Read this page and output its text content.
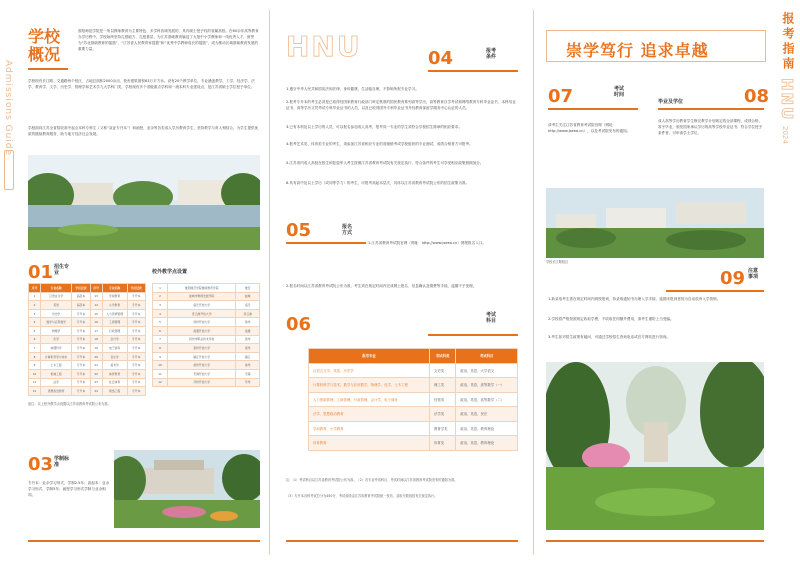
Admissions Guide
学校概况

淮阳师范学院是一所以教师教育为主要特色、多学科协调发展的、具有硕士授予权的省属高校。在60余年高等教育办学历程中，学校始终坚持扎根地方、扎根基层、为江苏基础教育输送了大批中小学教师和一线优秀人才，被誉为“苏北基础教育的摇篮”、“江苏省人民教育家摇篮”和“优秀中学教师成长的摇篮”，成为推动区域基础教育发展的重要力量。

学校现有长江路、交通路两个校区，占地总面积2000余亩，校舍建筑面积63万平方米。设有20个教学单位，专业涵盖教学、工学、经济学、法学、教育学、文学、历史学、管理学和艺术学九大学科门类，学校现有多个省级重点学科和一流本科专业建设点，是江苏省硕士学位授予单位。

学校面向江苏全省招收高中起点本科专科生（又称“双证专升本”）和函授、业余等各类成人学历教育学生，坚持教学与育人相结合，为学生提供优质的继续教育服务，助力地方经济社会发展。

01 招生专业	校外教学点设置
序号	专业名称	学历层次	序号	专业名称	学历层次
1	汉语言文学	高起本	13	学前教育	专升本
2	英语	高起本	14	小学教育	专升本
3	历史学	专升本	15	人力资源管理	专升本
4	数学与应用数学	专升本	16	工商管理	专升本
5	物理学	专升本	17	行政管理	专升本
6	化学	专升本	18	会计学	专升本
7	地理科学	专升本	19	电子商务	专升本
8	计算机科学与技术	专升本	20	音乐学	专升本
9	土木工程	专升本	21	美术学	专升本
10	机械工程	专升本	22	体育教育	专升本
11	法学	专升本	23	社会体育	专升本
12	思想政治教育	专升本	24	网络工程	专升本
1	淮阳师范学院继续教育学院	淮安
2	盐城市教师发展学院	盐城
3	宿迁开放大学	宿迁
4	连云港开放大学	连云港
5	徐州开放大学	徐州
6	南通开放大学	南通
7	扬州市职业技术学校	扬州
8	泰州开放大学	泰州
9	镇江开放大学	镇江
10	常州开放大学	常州
11	无锡开放大学	无锡
12	苏州开放大学	苏州
备注：以上校外教学点设置以江苏省教育考试院公布为准。
03 学制标准

专升本：业余学习形式，学制2.5年；高起本：业余学习形式，学制5年；函授学习形式学制与业余相同。

HNU	04	报考条件

1.遵守中华人民共和国宪法和法律，身体健康，生活能自理，不影响所报专业学习。

2.报考专升本的考生必须是已取得经国家教育行政部门审定核准的国民教育系列高等学历，高等教育自学考试和网络教育专科毕业证书、本科结业证书、高等学历文凭考试专科毕业证书的人员，以及已取得国外专科毕业证书并经教育部留学服务中心认证的人员。

3.已有本科及以上学历的人员，可以报名参加成人高考，报考同一专业的学生须符合学校招生简章的相应要求。

4.报考艺术类、体育类专业的考生，须参加江苏省相应专业的省级统考或学校组织的专业测试，成绩合格者方可报考。

5.江苏省内成人高校在校生和复退军人考生按照江苏省教育考试院有关规定执行，符合条件的考生可享受相应政策照顾加分。

6.具有高中及以上学历（或同等学力）的考生，可报考高起本层次，具体以江苏省教育考试院公布的招生政策为准。

05	报名方式

1.江苏省教育考试院官网（网址：http://www.jseea.cn）网报报名入口。

2.报名时间以江苏省教育考试院公布为准，考生须在规定时间内完成网上报名、信息确认及缴费等手续，逾期不予受理。

06	考试科目
报考专业	考试科类	考试科目
汉语言文学、英语、历史学	文史类	政治、英语、大学语文
计算机科学与技术、数学与应用数学、物理学、化学、土木工程	理工类	政治、英语、高等数学（一）
人力资源管理、工商管理、行政管理、会计学、电子商务	经管类	政治、英语、高等数学（二）
法学、思想政治教育	法学类	政治、英语、民法
学前教育、小学教育	教育学类	政治、英语、教育理论
体育教育	体育类	政治、英语、教育理论

注：（1）考试科目以江苏省教育考试院公布为准。（2）各专业考试科目、考试时间以江苏省教育考试院发布的通知为准。

（3）专升本各科考试总分为450分，考试成绩由江苏省教育考试院统一发布，录取分数线按有关规定执行。

崇学笃行 追求卓越
07	考试时间

请考生关注江苏省教育考试院官网（网址：http://www.jseea.cn），以及考试院发布的通知。

毕业及学位	08

成人高等学历教育学生修完教学计划规定的全部课程，成绩合格，准予毕业，颁发国家承认学历的高等学校毕业证书；符合学位授予条件者，可申请学士学位。

学校长江路校区
09 注意事项

1.新录取考生需在规定时间内到校报到，持录取通知书办理入学手续，逾期未报到者视为自动放弃入学资格。

2.学校将严格按照规定收取学费，不收取任何额外费用，请考生谨防上当受骗。

3.考生如对招生政策有疑问，可通过学校招生咨询电话或官方网站进行咨询。

报考指南
HNU
2024
